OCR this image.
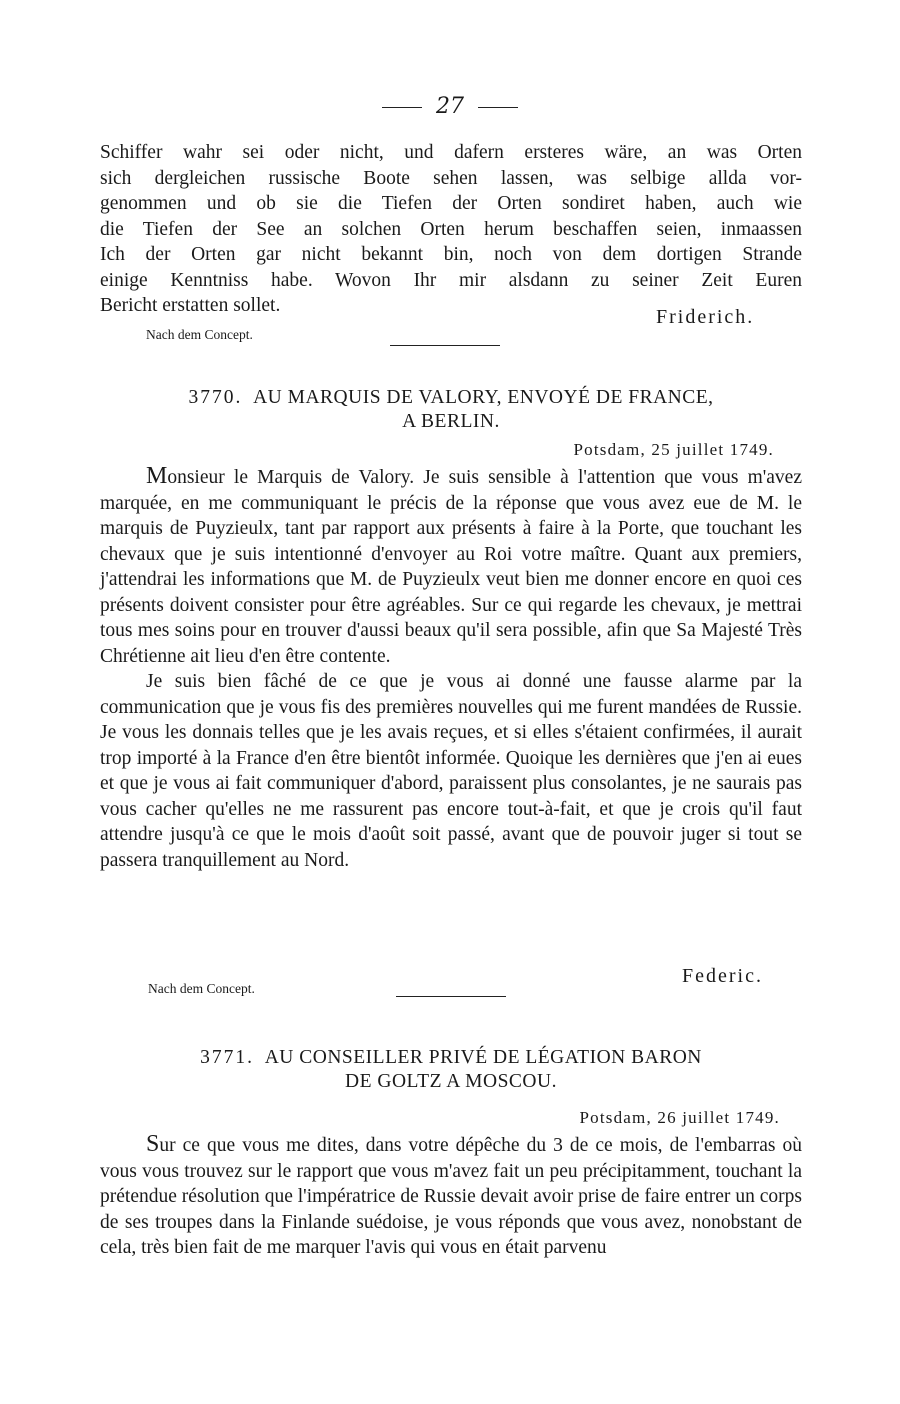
27
Schiffer wahr sei oder nicht, und dafern ersteres wäre, an was Orten
sich dergleichen russische Boote sehen lassen, was selbige allda vor-
genommen und ob sie die Tiefen der Orten sondiret haben, auch wie
die Tiefen der See an solchen Orten herum beschaffen seien, inmaassen
Ich der Orten gar nicht bekannt bin, noch von dem dortigen Strande
einige Kenntniss habe. Wovon Ihr mir alsdann zu seiner Zeit Euren
Bericht erstatten sollet.
Friderich.
Nach dem Concept.
3770. AU MARQUIS DE VALORY, ENVOYÉ DE FRANCE,
A BERLIN.
Potsdam, 25 juillet 1749.

Monsieur le Marquis de Valory. Je suis sensible à l'attention que vous m'avez marquée, en me communiquant le précis de la réponse que vous avez eue de M. le marquis de Puyzieulx, tant par rapport aux présents à faire à la Porte, que touchant les chevaux que je suis intentionné d'envoyer au Roi votre maître. Quant aux premiers, j'attendrai les informations que M. de Puyzieulx veut bien me donner encore en quoi ces présents doivent consister pour être agréables. Sur ce qui regarde les chevaux, je mettrai tous mes soins pour en trouver d'aussi beaux qu'il sera possible, afin que Sa Majesté Très Chrétienne ait lieu d'en être contente.

Je suis bien fâché de ce que je vous ai donné une fausse alarme par la communication que je vous fis des premières nouvelles qui me furent mandées de Russie. Je vous les donnais telles que je les avais reçues, et si elles s'étaient confirmées, il aurait trop importé à la France d'en être bientôt informée. Quoique les dernières que j'en ai eues et que je vous ai fait communiquer d'abord, paraissent plus consolantes, je ne saurais pas vous cacher qu'elles ne me rassurent pas encore tout-à-fait, et que je crois qu'il faut attendre jusqu'à ce que le mois d'août soit passé, avant que de pouvoir juger si tout se passera tranquillement au Nord.

Federic.
Nach dem Concept.
3771. AU CONSEILLER PRIVÉ DE LÉGATION BARON
DE GOLTZ A MOSCOU.
Potsdam, 26 juillet 1749.

Sur ce que vous me dites, dans votre dépêche du 3 de ce mois, de l'embarras où vous vous trouvez sur le rapport que vous m'avez fait un peu précipitamment, touchant la prétendue résolution que l'impératrice de Russie devait avoir prise de faire entrer un corps de ses troupes dans la Finlande suédoise, je vous réponds que vous avez, nonobstant de cela, très bien fait de me marquer l'avis qui vous en était parvenu
